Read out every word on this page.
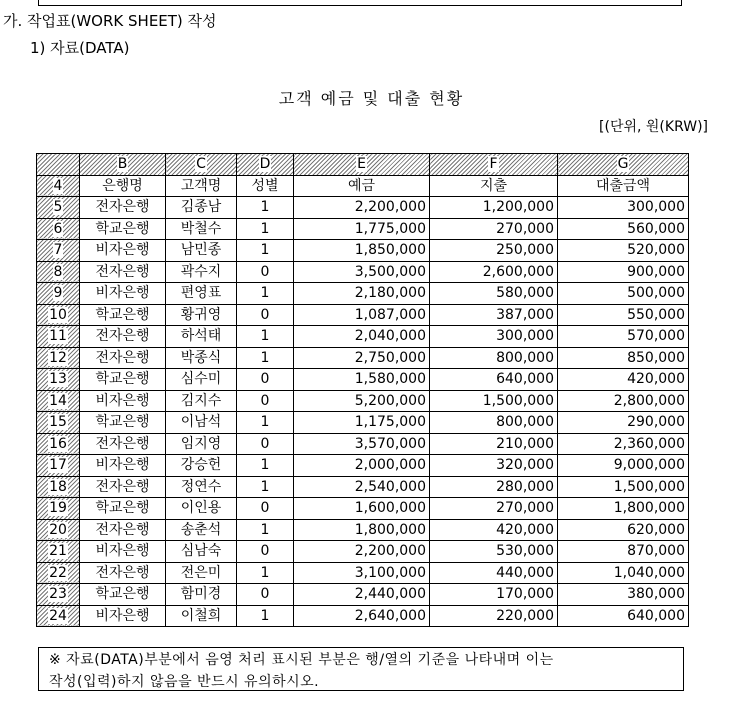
가. 작업표(WORK SHEET) 작성
1) 자료(DATA)
고객 예금 및 대출 현황
[(단위, 원(KRW)]
	B	C	D	E	F	G
4	은행명	고객명	성별	예금	지출	대출금액
5	전자은행	김종남	1	2,200,000	1,200,000	300,000
6	학교은행	박철수	1	1,775,000	270,000	560,000
7	비자은행	남민종	1	1,850,000	250,000	520,000
8	전자은행	곽수지	0	3,500,000	2,600,000	900,000
9	비자은행	편영표	1	2,180,000	580,000	500,000
10	학교은행	황귀영	0	1,087,000	387,000	550,000
11	전자은행	하석태	1	2,040,000	300,000	570,000
12	전자은행	박종식	1	2,750,000	800,000	850,000
13	학교은행	심수미	0	1,580,000	640,000	420,000
14	비자은행	김지수	0	5,200,000	1,500,000	2,800,000
15	학교은행	이남석	1	1,175,000	800,000	290,000
16	전자은행	임지영	0	3,570,000	210,000	2,360,000
17	비자은행	강승헌	1	2,000,000	320,000	9,000,000
18	전자은행	정연수	1	2,540,000	280,000	1,500,000
19	학교은행	이인용	0	1,600,000	270,000	1,800,000
20	전자은행	송춘석	1	1,800,000	420,000	620,000
21	비자은행	심남숙	0	2,200,000	530,000	870,000
22	전자은행	전은미	1	3,100,000	440,000	1,040,000
23	학교은행	함미경	0	2,440,000	170,000	380,000
24	비자은행	이철희	1	2,640,000	220,000	640,000
※ 자료(DATA)부분에서 음영 처리 표시된 부분은 행/열의 기준을 나타내며 이는
작성(입력)하지 않음을 반드시 유의하시오.
